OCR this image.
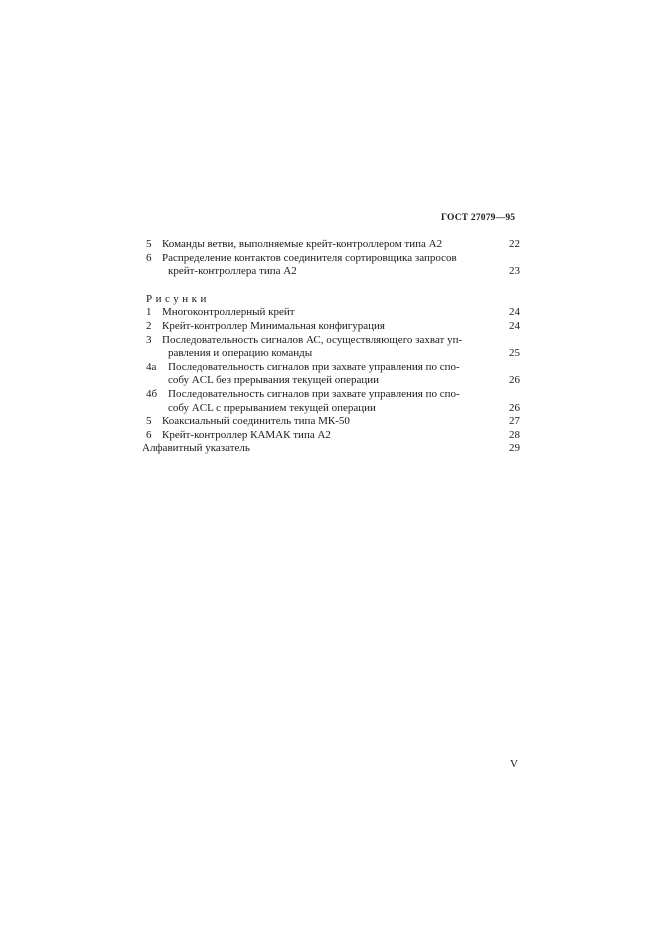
ГОСТ 27079—95
5 Команды ветви, выполняемые крейт-контроллером типа A2	22
6 Распределение контактов соединителя сортировщика запросов
крейт-контроллера типа A2	23
Рисунки
1 Многоконтроллерный крейт	24
2 Крейт-контроллер Минимальная конфигурация	24
3 Последовательность сигналов АС, осуществляющего захват уп-
равления и операцию команды	25
4а	Последовательность сигналов при захвате управления по спо-
собу ACL без прерывания текущей операции	26
4б Последовательность сигналов при захвате управления по спо-
собу ACL с прерыванием текущей операции	26
5 Коаксиальный соединитель типа МК-50	27
6 Крейт-контроллер КАМАК типа А2	28
Алфавитный указатель	29
V
